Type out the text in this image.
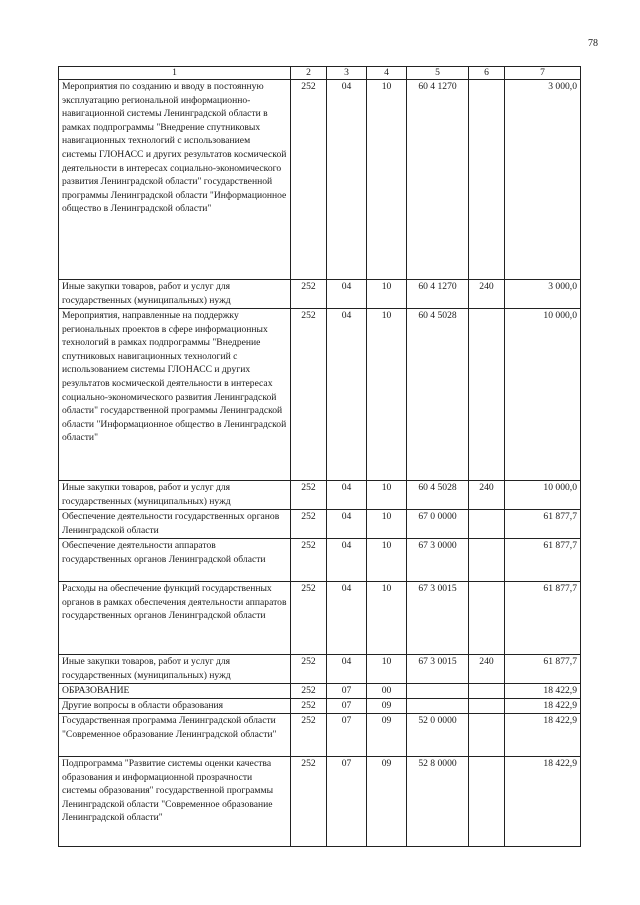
78
1	2	3	4	5	6	7
Мероприятия по созданию и вводу в постоянную эксплуатацию региональной информационно-навигационной системы Ленинградской области в рамках подпрограммы "Внедрение спутниковых навигационных технологий с использованием системы ГЛОНАСС и других результатов космической деятельности в интересах социально-экономического развития Ленинградской области" государственной программы Ленинградской области "Информационное общество в Ленинградской области"	252	04	10	60 4 1270		3 000,0
Иные закупки товаров, работ и услуг для государственных (муниципальных) нужд	252	04	10	60 4 1270	240	3 000,0
Мероприятия, направленные на поддержку региональных проектов в сфере информационных технологий в рамках подпрограммы "Внедрение спутниковых навигационных технологий с использованием системы ГЛОНАСС и других результатов космической деятельности в интересах социально-экономического развития Ленинградской области" государственной программы Ленинградской области "Информационное общество в Ленинградской области"	252	04	10	60 4 5028		10 000,0
Иные закупки товаров, работ и услуг для государственных (муниципальных) нужд	252	04	10	60 4 5028	240	10 000,0
Обеспечение деятельности государственных органов Ленинградской области	252	04	10	67 0 0000		61 877,7
Обеспечение деятельности аппаратов государственных органов Ленинградской области	252	04	10	67 3 0000		61 877,7
Расходы на обеспечение функций государственных органов в рамках обеспечения деятельности аппаратов государственных органов Ленинградской области	252	04	10	67 3 0015		61 877,7
Иные закупки товаров, работ и услуг для государственных (муниципальных) нужд	252	04	10	67 3 0015	240	61 877,7
ОБРАЗОВАНИЕ	252	07	00			18 422,9
Другие вопросы в области образования	252	07	09			18 422,9
Государственная программа Ленинградской области "Современное образование Ленинградской области"	252	07	09	52 0 0000		18 422,9
Подпрограмма "Развитие системы оценки качества образования и информационной прозрачности системы образования" государственной программы Ленинградской области "Современное образование Ленинградской области"	252	07	09	52 8 0000		18 422,9
